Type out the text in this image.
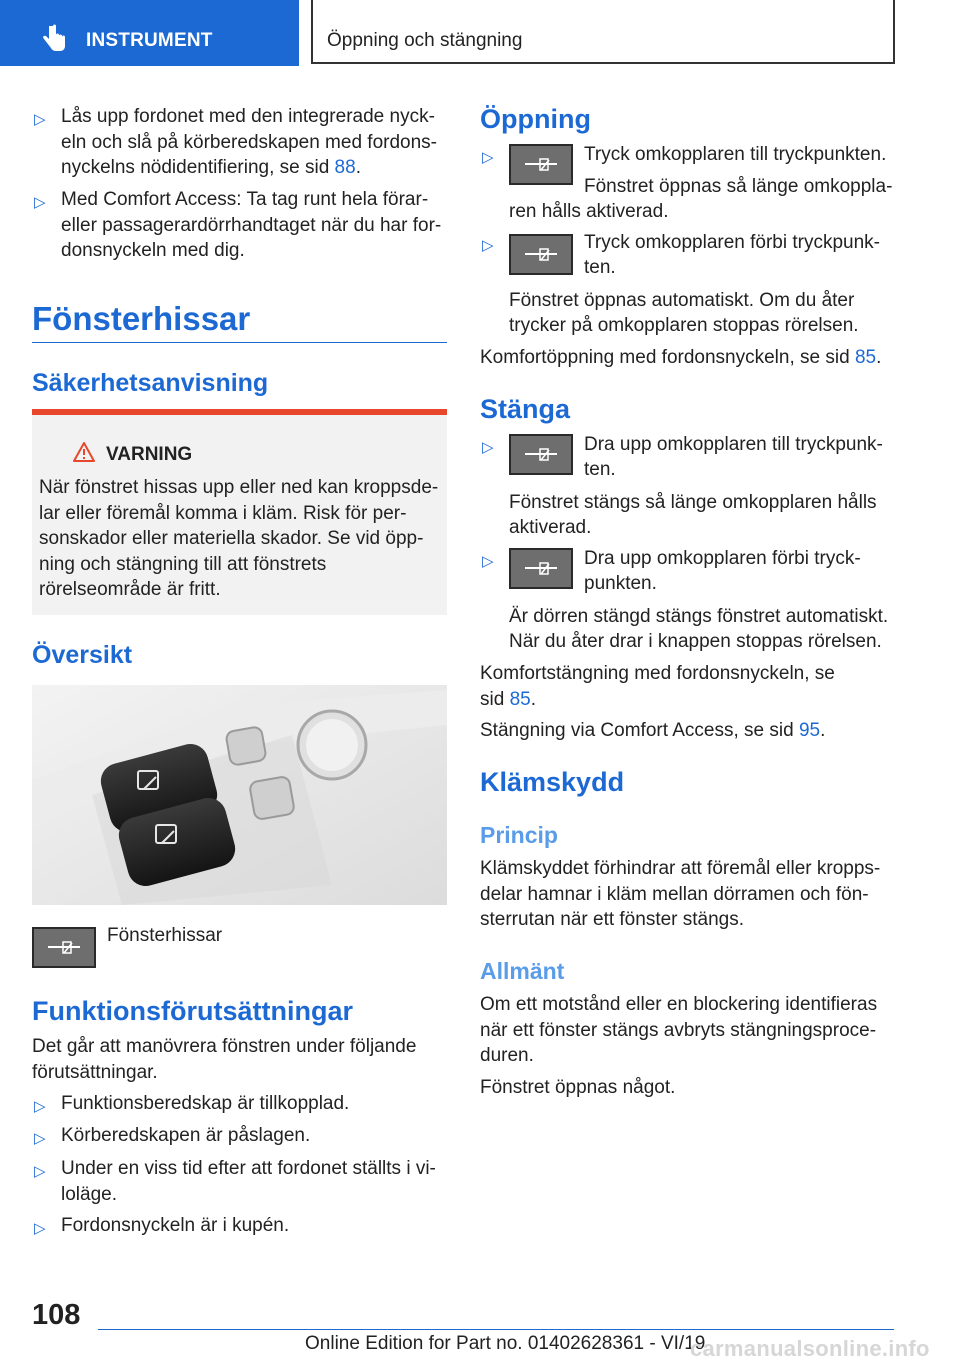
INSTRUMENT	Öppning och stängning
▷ Lås upp fordonet med den integrerade nyck-
eln och slå på körberedskapen med fordons-
nyckelns nödidentifiering, se sid 88.
▷ Med Comfort Access: Ta tag runt hela förar-
eller passagerardörrhandtaget när du har for-
donsnyckeln med dig.
Fönsterhissar
Säkerhetsanvisning
VARNING
När fönstret hissas upp eller ned kan kroppsde-
lar eller föremål komma i kläm. Risk för per-
sonskador eller materiella skador. Se vid öpp-
ning och stängning till att fönstrets
rörelseområde är fritt.
Översikt
Fönsterhissar
Funktionsförutsättningar
Det går att manövrera fönstren under följande
förutsättningar.
▷ Funktionsberedskap är tillkopplad.
▷ Körberedskapen är påslagen.
▷ Under en viss tid efter att fordonet ställts i vi-
loläge.
▷ Fordonsnyckeln är i kupén.
Öppning
▷	Tryck omkopplaren till tryckpunkten.
Fönstret öppnas så länge omkoppla-
ren hålls aktiverad.
▷	Tryck omkopplaren förbi tryckpunk-
ten.
Fönstret öppnas automatiskt. Om du åter
trycker på omkopplaren stoppas rörelsen.
Komfortöppning med fordonsnyckeln, se sid 85.
Stänga
▷	Dra upp omkopplaren till tryckpunk-
ten.
Fönstret stängs så länge omkopplaren hålls
aktiverad.
▷	Dra upp omkopplaren förbi tryck-
punkten.
Är dörren stängd stängs fönstret automatiskt.
När du åter drar i knappen stoppas rörelsen.
Komfortstängning med fordonsnyckeln, se
sid 85.
Stängning via Comfort Access, se sid 95.
Klämskydd
Princip
Klämskyddet förhindrar att föremål eller kropps-
delar hamnar i kläm mellan dörramen och fön-
sterrutan när ett fönster stängs.
Allmänt
Om ett motstånd eller en blockering identifieras
när ett fönster stängs avbryts stängningsproce-
duren.
Fönstret öppnas något.
108
Online Edition for Part no. 01402628361 - VI/19
carmanualsonline.info
